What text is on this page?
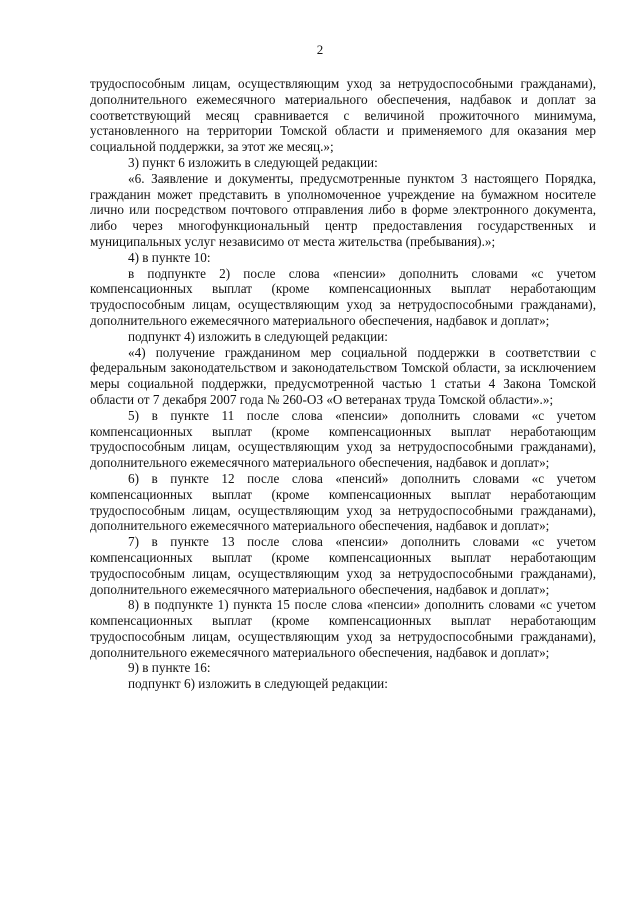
2

трудоспособным лицам, осуществляющим уход за нетрудоспособными гражданами), дополнительного ежемесячного материального обеспечения, надбавок и доплат за соответствующий месяц сравнивается с величиной прожиточного минимума, установленного на территории Томской области и применяемого для оказания мер социальной поддержки, за этот же месяц.»;

3) пункт 6 изложить в следующей редакции:

«6. Заявление и документы, предусмотренные пунктом 3 настоящего Порядка, гражданин может представить в уполномоченное учреждение на бумажном носителе лично или посредством почтового отправления либо в форме электронного документа, либо через многофункциональный центр предоставления государственных и муниципальных услуг независимо от места жительства (пребывания).»;

4) в пункте 10:

в подпункте 2) после слова «пенсии» дополнить словами «с учетом компенсационных выплат (кроме компенсационных выплат неработающим трудоспособным лицам, осуществляющим уход за нетрудоспособными гражданами), дополнительного ежемесячного материального обеспечения, надбавок и доплат»;

подпункт 4) изложить в следующей редакции:

«4) получение гражданином мер социальной поддержки в соответствии с федеральным законодательством и законодательством Томской области, за исключением меры социальной поддержки, предусмотренной частью 1 статьи 4 Закона Томской области от 7 декабря 2007 года № 260-ОЗ «О ветеранах труда Томской области».»;

5) в пункте 11 после слова «пенсии» дополнить словами «с учетом компенсационных выплат (кроме компенсационных выплат неработающим трудоспособным лицам, осуществляющим уход за нетрудоспособными гражданами), дополнительного ежемесячного материального обеспечения, надбавок и доплат»;

6) в пункте 12 после слова «пенсий» дополнить словами «с учетом компенсационных выплат (кроме компенсационных выплат неработающим трудоспособным лицам, осуществляющим уход за нетрудоспособными гражданами), дополнительного ежемесячного материального обеспечения, надбавок и доплат»;

7) в пункте 13 после слова «пенсии» дополнить словами «с учетом компенсационных выплат (кроме компенсационных выплат неработающим трудоспособным лицам, осуществляющим уход за нетрудоспособными гражданами), дополнительного ежемесячного материального обеспечения, надбавок и доплат»;

8) в подпункте 1) пункта 15 после слова «пенсии» дополнить словами «с учетом компенсационных выплат (кроме компенсационных выплат неработающим трудоспособным лицам, осуществляющим уход за нетрудоспособными гражданами), дополнительного ежемесячного материального обеспечения, надбавок и доплат»;

9) в пункте 16:

подпункт 6) изложить в следующей редакции:
